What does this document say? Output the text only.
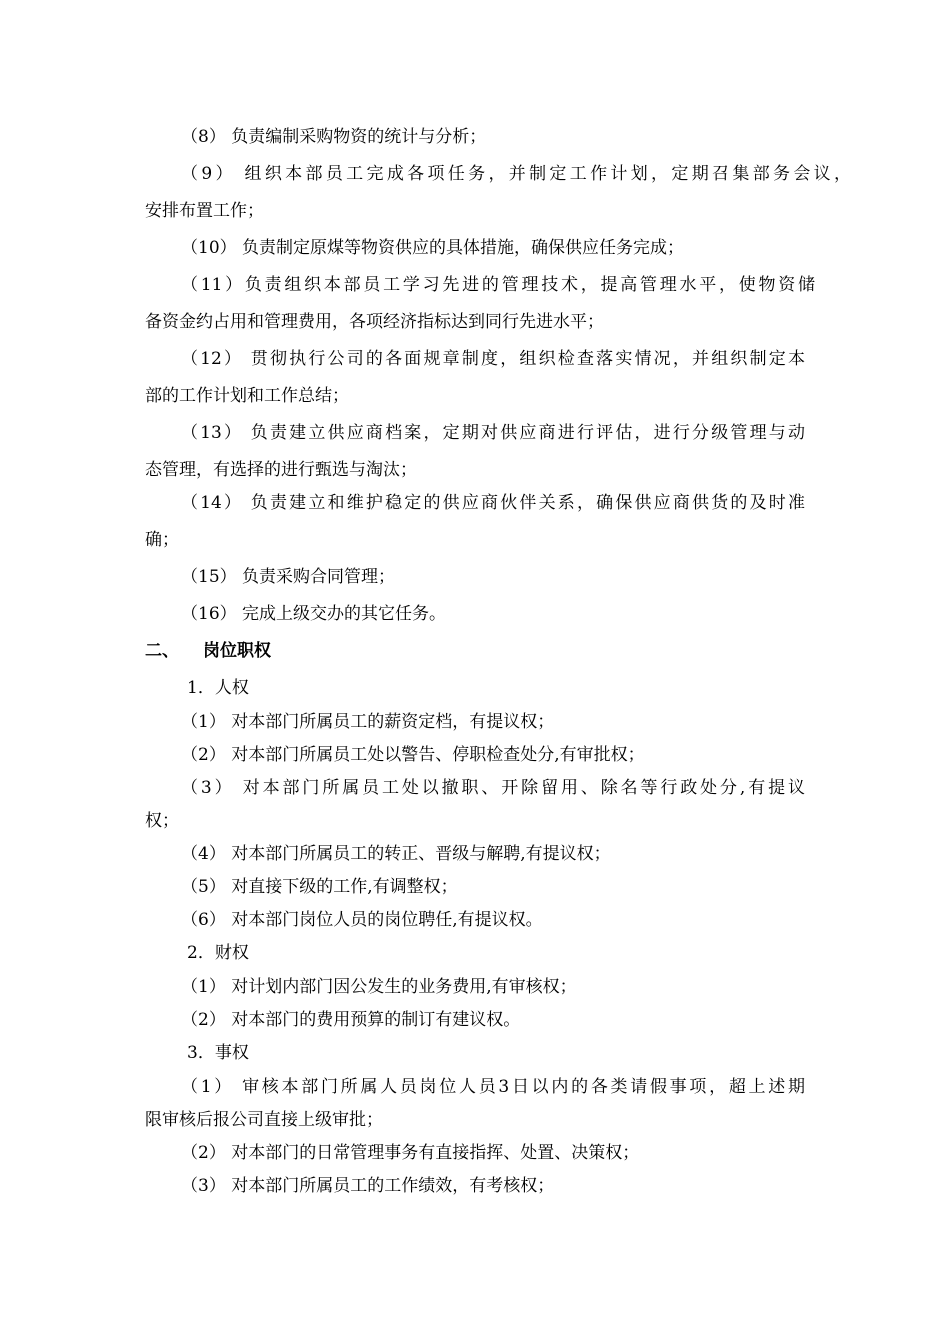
（8） 负责编制采购物资的统计与分析；
（9） 组织本部员工完成各项任务，并制定工作计划，定期召集部务会议，
安排布置工作；
（10） 负责制定原煤等物资供应的具体措施，确保供应任务完成；
（11）负责组织本部员工学习先进的管理技术，提高管理水平，使物资储
备资金约占用和管理费用，各项经济指标达到同行先进水平；
（12） 贯彻执行公司的各面规章制度，组织检查落实情况，并组织制定本
部的工作计划和工作总结；
（13） 负责建立供应商档案，定期对供应商进行评估，进行分级管理与动
态管理，有选择的进行甄选与淘汰；
（14） 负责建立和维护稳定的供应商伙伴关系，确保供应商供货的及时准
确；
（15） 负责采购合同管理；
（16） 完成上级交办的其它任务。
二、 岗位职权
1．人权
（1） 对本部门所属员工的薪资定档，有提议权；
（2） 对本部门所属员工处以警告、停职检查处分,有审批权；
（3） 对本部门所属员工处以撤职、开除留用、除名等行政处分,有提议
权；
（4） 对本部门所属员工的转正、晋级与解聘,有提议权；
（5） 对直接下级的工作,有调整权；
（6） 对本部门岗位人员的岗位聘任,有提议权。
2．财权
（1） 对计划内部门因公发生的业务费用,有审核权；
（2） 对本部门的费用预算的制订有建议权。
3．事权
（1） 审核本部门所属人员岗位人员3日以内的各类请假事项，超上述期
限审核后报公司直接上级审批；
（2） 对本部门的日常管理事务有直接指挥、处置、决策权；
（3） 对本部门所属员工的工作绩效，有考核权；
